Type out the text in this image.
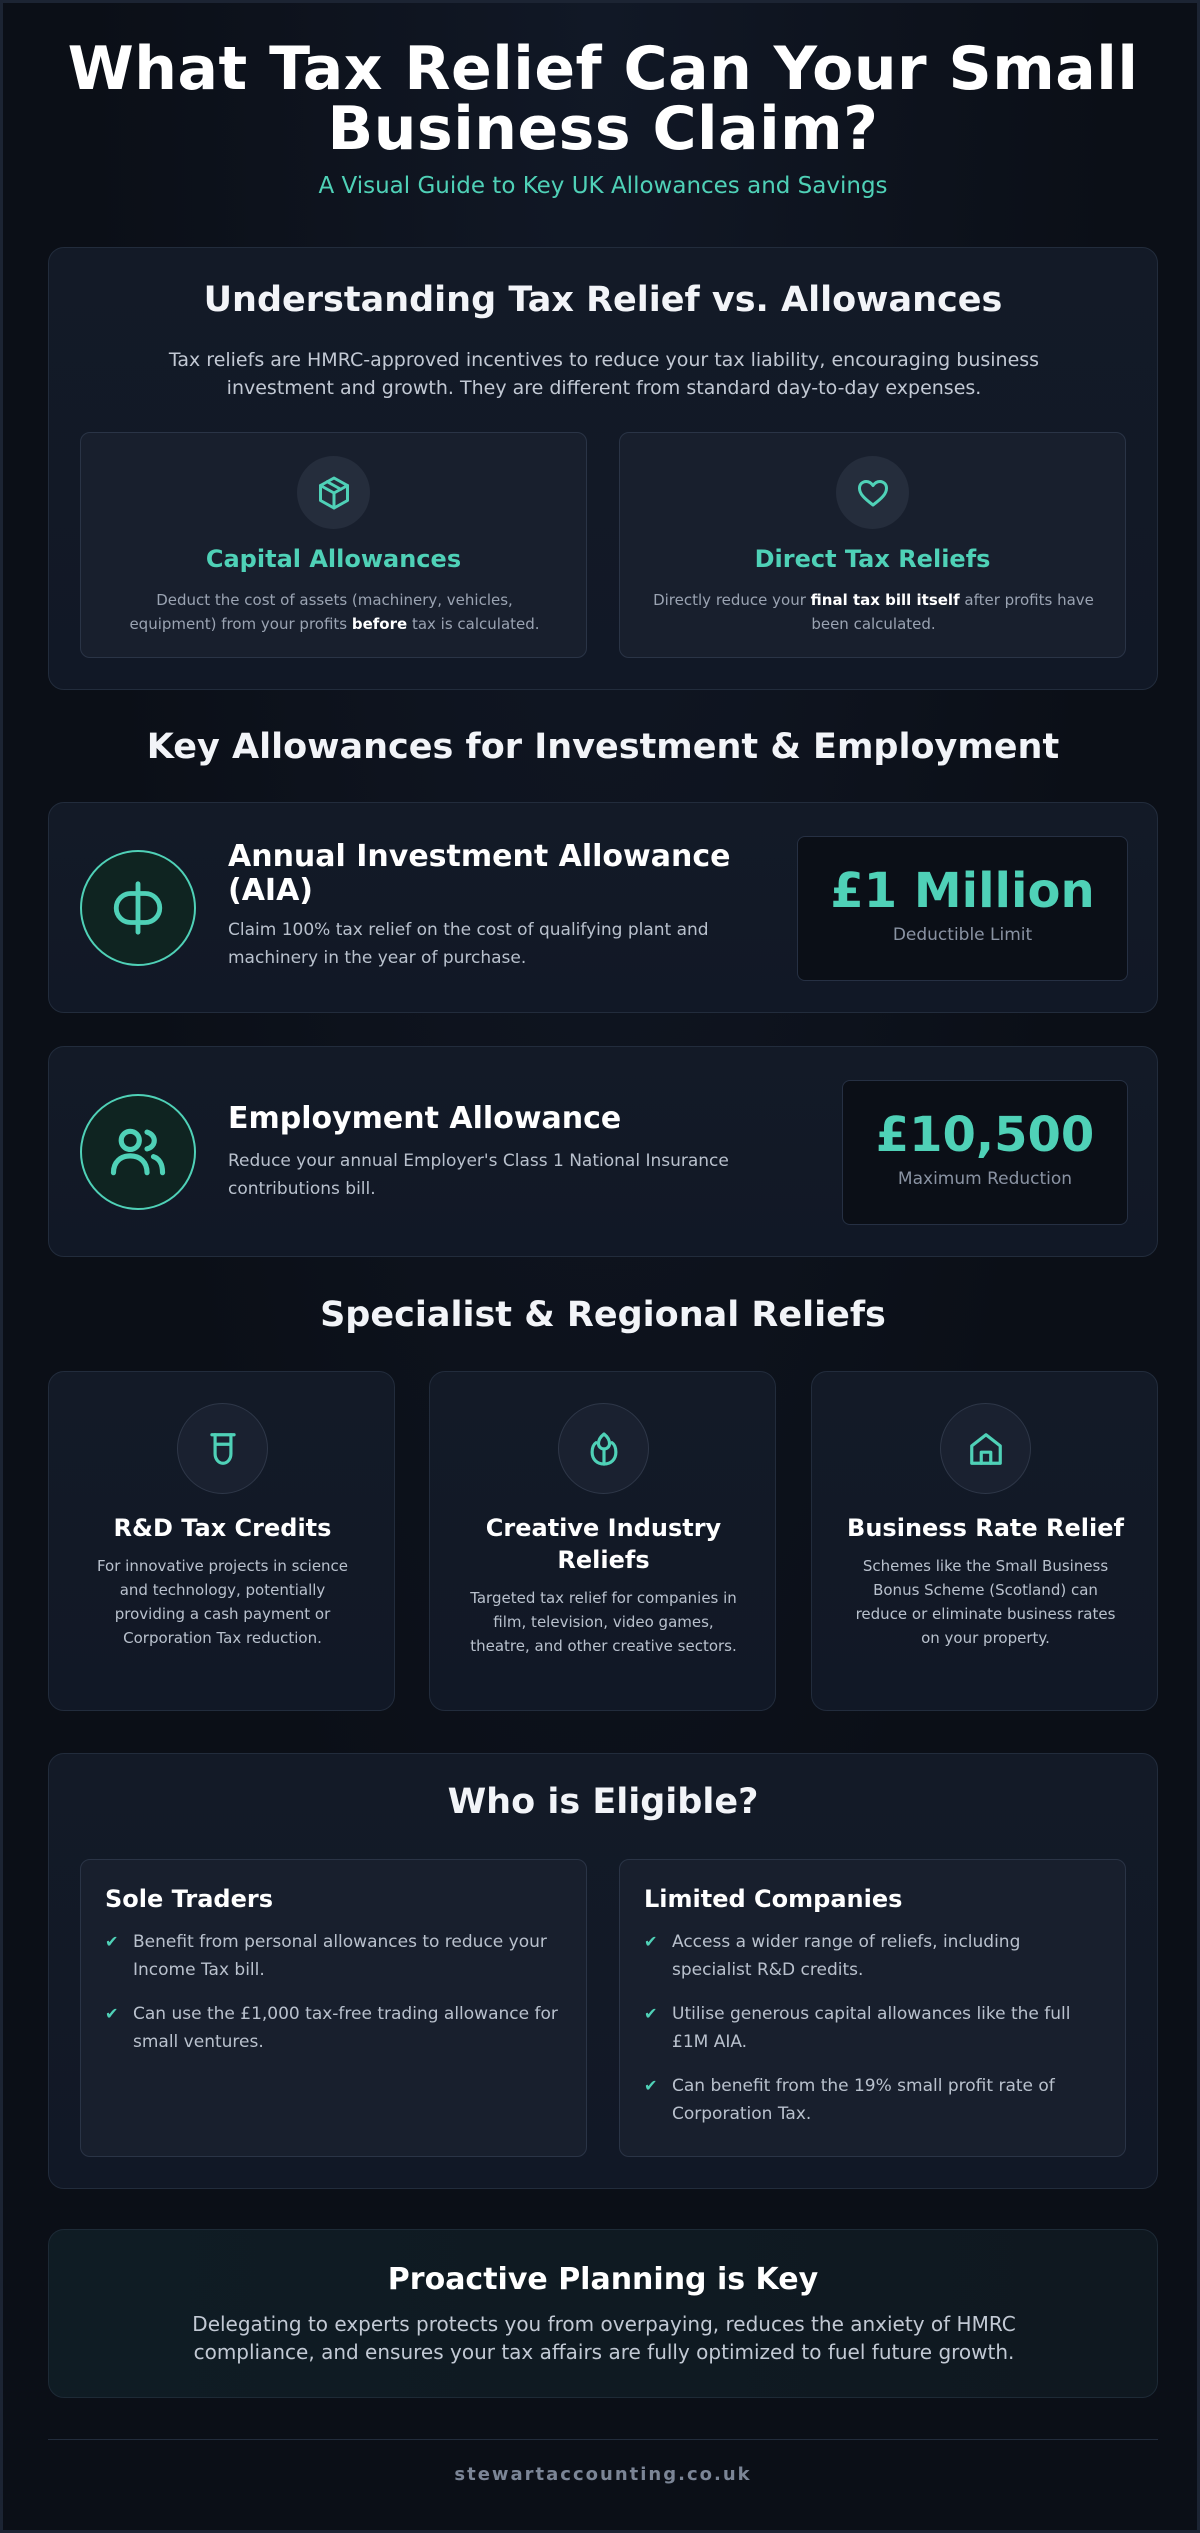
What Tax Relief Can Your Small
Business Claim?
A Visual Guide to Key UK Allowances and Savings
Understanding Tax Relief vs. Allowances

Tax reliefs are HMRC-approved incentives to reduce your tax liability, encouraging business investment and growth. They are different from standard day-to-day expenses.

Capital Allowances

Deduct the cost of assets (machinery, vehicles, equipment) from your profits before tax is calculated.

Direct Tax Reliefs

Directly reduce your final tax bill itself after profits have been calculated.

Key Allowances for Investment & Employment
Annual Investment Allowance (AIA)

Claim 100% tax relief on the cost of qualifying plant and machinery in the year of purchase.

£1 Million
Deductible Limit
Employment Allowance

Reduce your annual Employer's Class 1 National Insurance contributions bill.

£10,500
Maximum Reduction
Specialist & Regional Reliefs
R&D Tax Credits

For innovative projects in science and technology, potentially providing a cash payment or Corporation Tax reduction.

Creative Industry Reliefs

Targeted tax relief for companies in film, television, video games, theatre, and other creative sectors.

Business Rate Relief

Schemes like the Small Business Bonus Scheme (Scotland) can reduce or eliminate business rates on your property.

Who is Eligible?
Sole Traders
✔ Benefit from personal allowances to reduce your Income Tax bill.
✔ Can use the £1,000 tax-free trading allowance for small ventures.
Limited Companies
✔ Access a wider range of reliefs, including specialist R&D credits.
✔ Utilise generous capital allowances like the full £1M AIA.
✔ Can benefit from the 19% small profit rate of Corporation Tax.
Proactive Planning is Key

Delegating to experts protects you from overpaying, reduces the anxiety of HMRC compliance, and ensures your tax affairs are fully optimized to fuel future growth.

stewartaccounting.co.uk
